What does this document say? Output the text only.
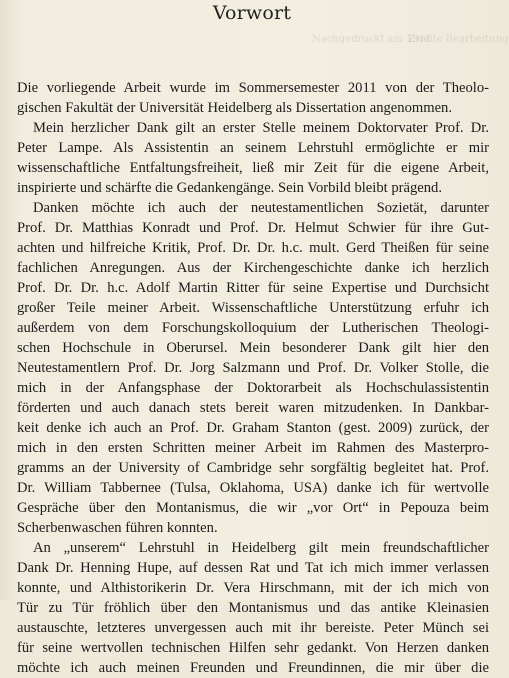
Nachgedruckt am 1911
Zweite Bearbeitung
Vorwort
Die vorliegende Arbeit wurde im Sommersemester 2011 von der Theolo-
gischen Fakultät der Universität Heidelberg als Dissertation angenommen.
Mein herzlicher Dank gilt an erster Stelle meinem Doktorvater Prof. Dr.
Peter Lampe. Als Assistentin an seinem Lehrstuhl ermöglichte er mir
wissenschaftliche Entfaltungsfreiheit, ließ mir Zeit für die eigene Arbeit,
inspirierte und schärfte die Gedankengänge. Sein Vorbild bleibt prägend.
Danken möchte ich auch der neutestamentlichen Sozietät, darunter
Prof. Dr. Matthias Konradt und Prof. Dr. Helmut Schwier für ihre Gut-
achten und hilfreiche Kritik, Prof. Dr. Dr. h.c. mult. Gerd Theißen für seine
fachlichen Anregungen. Aus der Kirchengeschichte danke ich herzlich
Prof. Dr. Dr. h.c. Adolf Martin Ritter für seine Expertise und Durchsicht
großer Teile meiner Arbeit. Wissenschaftliche Unterstützung erfuhr ich
außerdem von dem Forschungskolloquium der Lutherischen Theologi-
schen Hochschule in Oberursel. Mein besonderer Dank gilt hier den
Neutestamentlern Prof. Dr. Jorg Salzmann und Prof. Dr. Volker Stolle, die
mich in der Anfangsphase der Doktorarbeit als Hochschulassistentin
förderten und auch danach stets bereit waren mitzudenken. In Dankbar-
keit denke ich auch an Prof. Dr. Graham Stanton (gest. 2009) zurück, der
mich in den ersten Schritten meiner Arbeit im Rahmen des Masterpro-
gramms an der University of Cambridge sehr sorgfältig begleitet hat. Prof.
Dr. William Tabbernee (Tulsa, Oklahoma, USA) danke ich für wertvolle
Gespräche über den Montanismus, die wir „vor Ort“ in Pepouza beim
Scherbenwaschen führen konnten.
An „unserem“ Lehrstuhl in Heidelberg gilt mein freundschaftlicher
Dank Dr. Henning Hupe, auf dessen Rat und Tat ich mich immer verlassen
konnte, und Althistorikerin Dr. Vera Hirschmann, mit der ich mich von
Tür zu Tür fröhlich über den Montanismus und das antike Kleinasien
austauschte, letzteres unvergessen auch mit ihr bereiste. Peter Münch sei
für seine wertvollen technischen Hilfen sehr gedankt. Von Herzen danken
möchte ich auch meinen Freunden und Freundinnen, die mir über die
